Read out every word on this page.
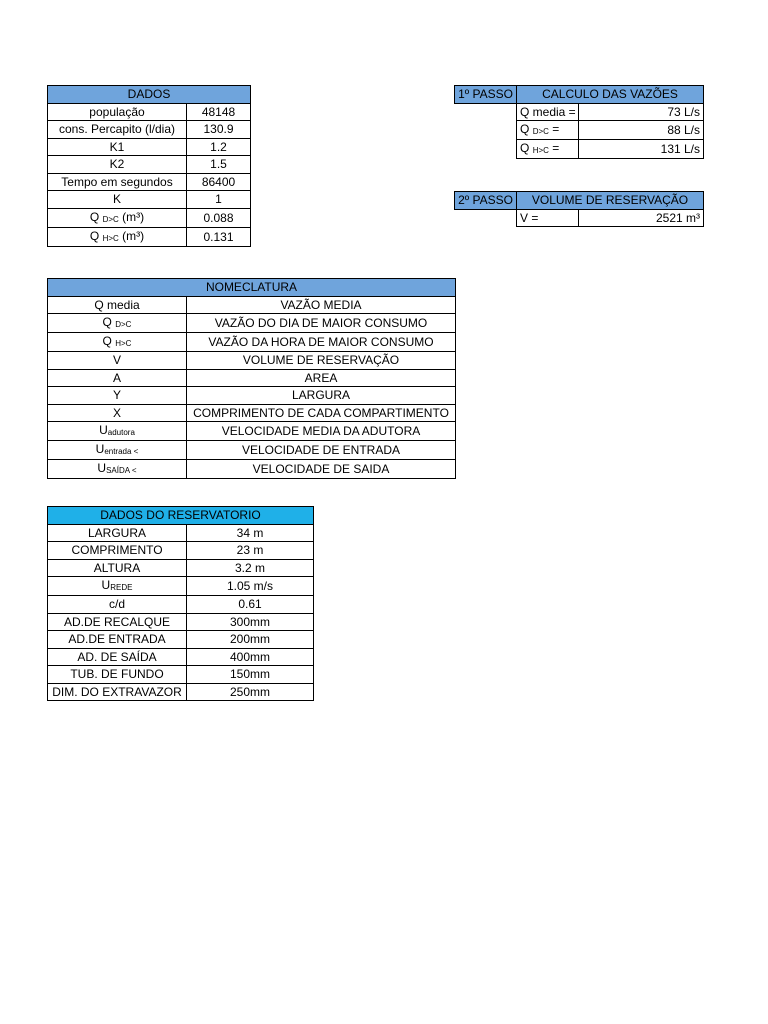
DADOS	
população	48148
cons. Percapito (l/dia)	130.9
K1	1.2
K2	1.5
Tempo em segundos	86400
K	1
Q $_{D>C}$ (m³)	0.088
Q $_{H>C}$ (m³)	0.131
1º PASSO	CALCULO DAS VAZÕES	
Q media =	73 L/s
Q $_{D>C}$ =	88 L/s
Q $_{H>C}$ =	131 L/s
2º PASSO	VOLUME DE RESERVAÇÃO
V =	2521 m³
NOMECLATURA	
Q media	VAZÃO MEDIA
Q $_{D>C}$	VAZÃO DO DIA DE MAIOR CONSUMO
Q $_{H>C}$	VAZÃO DA HORA DE MAIOR CONSUMO
V	VOLUME DE RESERVAÇÃO
A	AREA
Y	LARGURA
X	COMPRIMENTO DE CADA COMPARTIMENTO
$U_{adutora}$	VELOCIDADE MEDIA DA ADUTORA
$U_{entrada <}$	VELOCIDADE DE ENTRADA
$U_{SAÍDA <}$	VELOCIDADE DE SAIDA
DADOS DO RESERVATORIO	
LARGURA	34 m
COMPRIMENTO	23 m
ALTURA	3.2 m
$U_{REDE}$	1.05 m/s
c/d	0.61
AD.DE RECALQUE	300mm
AD.DE ENTRADA	200mm
AD. DE SAÍDA	400mm
TUB. DE FUNDO	150mm
DIM. DO EXTRAVAZOR	250mm
